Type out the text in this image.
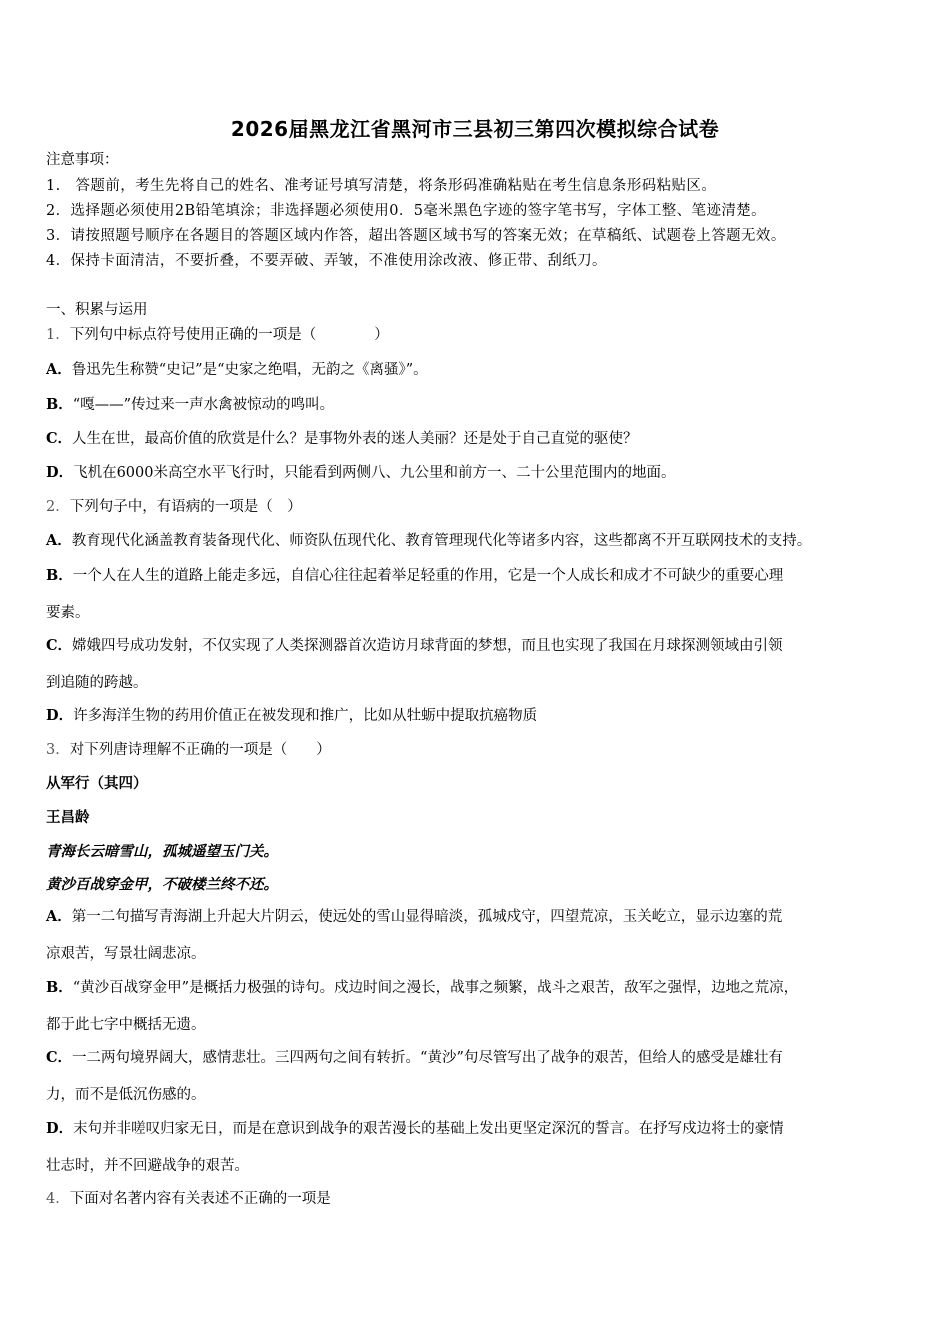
2026届黑龙江省黑河市三县初三第四次模拟综合试卷
注意事项：
1.　答题前，考生先将自己的姓名、准考证号填写清楚，将条形码准确粘贴在考生信息条形码粘贴区。
2．选择题必须使用2B铅笔填涂；非选择题必须使用0．5毫米黑色字迹的签字笔书写，字体工整、笔迹清楚。
3．请按照题号顺序在各题目的答题区域内作答，超出答题区域书写的答案无效；在草稿纸、试题卷上答题无效。
4．保持卡面清洁，不要折叠，不要弄破、弄皱，不准使用涂改液、修正带、刮纸刀。
一、积累与运用
1．下列句中标点符号使用正确的一项是（　　　　）
A．鲁迅先生称赞“史记”是“史家之绝唱，无韵之《离骚》”。
B．“嘎——”传过来一声水禽被惊动的鸣叫。
C．人生在世，最高价值的欣赏是什么？是事物外表的迷人美丽？还是处于自己直觉的驱使？
D．飞机在6000米高空水平飞行时，只能看到两侧八、九公里和前方一、二十公里范围内的地面。
2．下列句子中，有语病的一项是（　）
A．教育现代化涵盖教育装备现代化、师资队伍现代化、教育管理现代化等诸多内容，这些都离不开互联网技术的支持。
B．一个人在人生的道路上能走多远，自信心往往起着举足轻重的作用，它是一个人成长和成才不可缺少的重要心理
要素。
C．嫦娥四号成功发射，不仅实现了人类探测器首次造访月球背面的梦想，而且也实现了我国在月球探测领域由引领
到追随的跨越。
D．许多海洋生物的药用价值正在被发现和推广，比如从牡蛎中提取抗癌物质
3．对下列唐诗理解不正确的一项是（　　）
从军行（其四）
王昌龄
青海长云暗雪山，孤城遥望玉门关。
黄沙百战穿金甲，不破楼兰终不还。
A．第一二句描写青海湖上升起大片阴云，使远处的雪山显得暗淡，孤城戍守，四望荒凉，玉关屹立，显示边塞的荒
凉艰苦，写景壮阔悲凉。
B．“黄沙百战穿金甲”是概括力极强的诗句。戍边时间之漫长，战事之频繁，战斗之艰苦，敌军之强悍，边地之荒凉，
都于此七字中概括无遗。
C．一二两句境界阔大，感情悲壮。三四两句之间有转折。“黄沙”句尽管写出了战争的艰苦，但给人的感受是雄壮有
力，而不是低沉伤感的。
D．末句并非嗟叹归家无日，而是在意识到战争的艰苦漫长的基础上发出更坚定深沉的誓言。在抒写戍边将士的豪情
壮志时，并不回避战争的艰苦。
4．下面对名著内容有关表述不正确的一项是
